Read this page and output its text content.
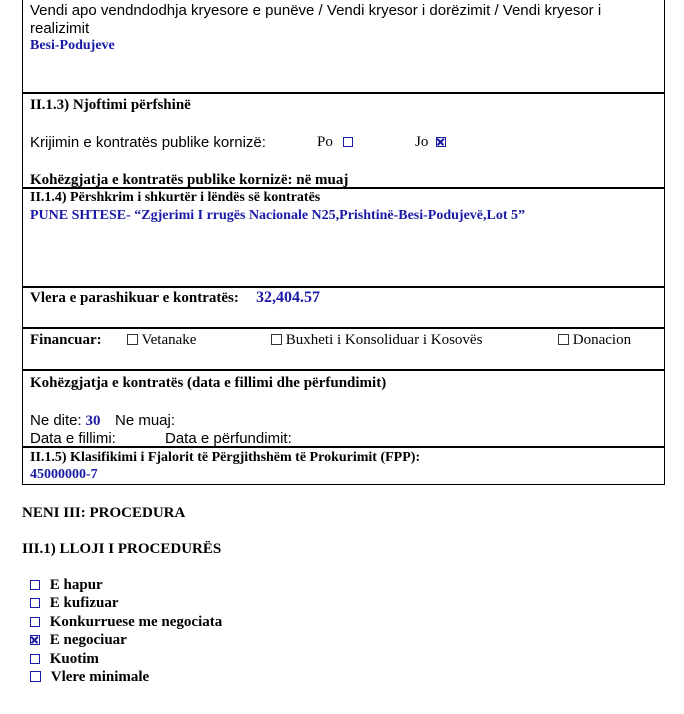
Vendi apo vendndodhja kryesore e punëve / Vendi kryesor i dorëzimit / Vendi kryesor i
realizimit
Besi-Podujeve
II.1.3) Njoftimi përfshinë
Krijimin e kontratës publike kornizë:	Po	Jo
Kohëzgjatja e kontratës publike kornizë: në muaj
II.1.4) Përshkrim i shkurtër i lëndës së kontratës
PUNE SHTESE- “Zgjerimi I rrugës Nacionale N25,Prishtinë-Besi-Podujevë,Lot 5”
Vlera e parashikuar e kontratës: 32,404.57
Financuar:	Vetanake	Buxheti i Konsoliduar i Kosovës	Donacion
Kohëzgjatja e kontratës (data e fillimi dhe përfundimit)
Ne dite: 30 Ne muaj:
Data e fillimi:	Data e përfundimit:
II.1.5) Klasifikimi i Fjalorit të Përgjithshëm të Prokurimit (FPP):
45000000-7
NENI III: PROCEDURA
III.1) LLOJI I PROCEDURËS
E hapur
E kufizuar
Konkurruese me negociata
E negociuar
Kuotim
Vlere minimale
